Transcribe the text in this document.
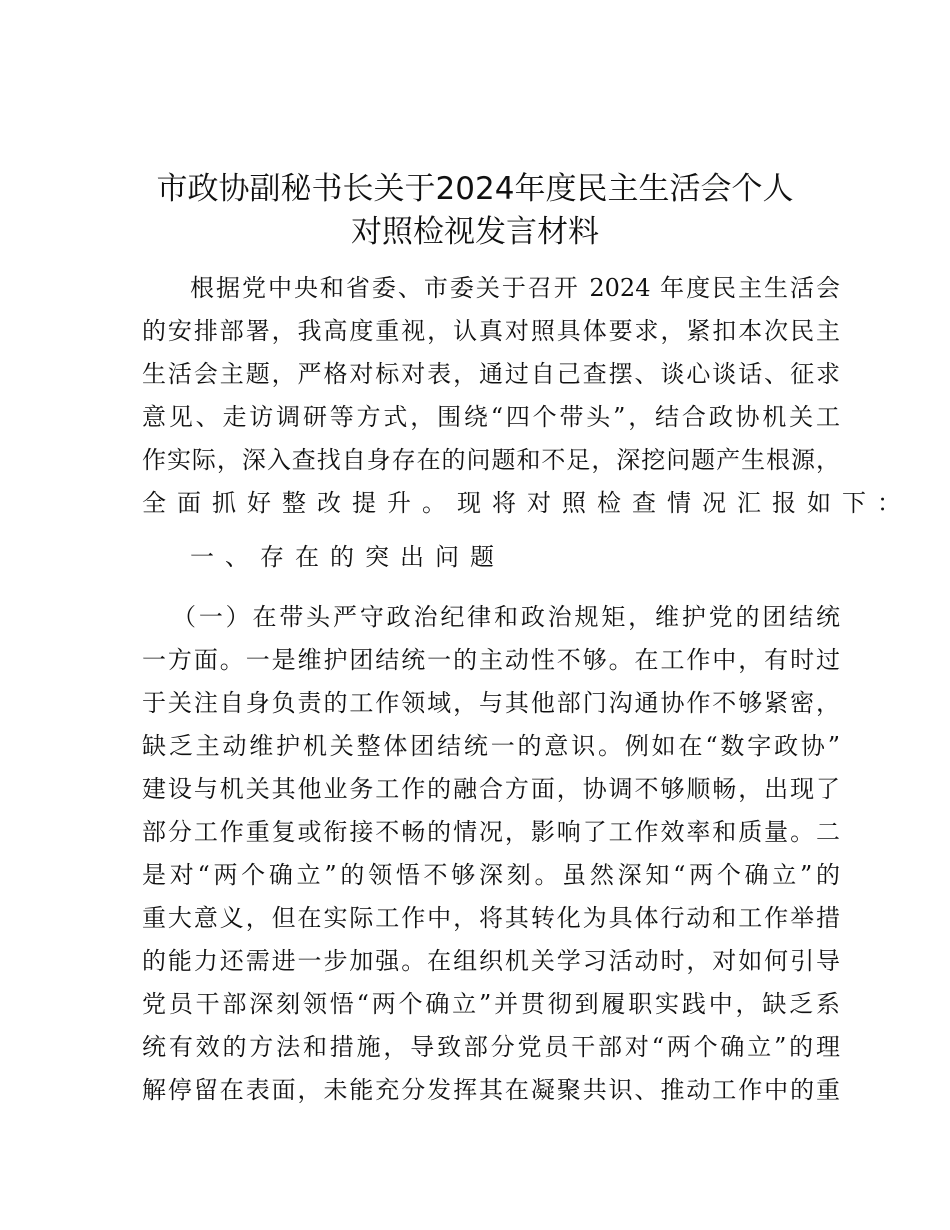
市政协副秘书长关于2024年度民主生活会个人
对照检视发言材料
根据党中央和省委、市委关于召开 2024 年度民主生活会
的安排部署，我高度重视，认真对照具体要求，紧扣本次民主
生活会主题，严格对标对表，通过自己查摆、谈心谈话、征求
意见、走访调研等方式，围绕“四个带头”，结合政协机关工
作实际，深入查找自身存在的问题和不足，深挖问题产生根源，
全面抓好整改提升。现将对照检查情况汇报如下：
一、存在的突出问题
（一）在带头严守政治纪律和政治规矩，维护党的团结统
一方面。一是维护团结统一的主动性不够。在工作中，有时过
于关注自身负责的工作领域，与其他部门沟通协作不够紧密，
缺乏主动维护机关整体团结统一的意识。例如在“数字政协”
建设与机关其他业务工作的融合方面，协调不够顺畅，出现了
部分工作重复或衔接不畅的情况，影响了工作效率和质量。二
是对“两个确立”的领悟不够深刻。虽然深知“两个确立”的
重大意义，但在实际工作中，将其转化为具体行动和工作举措
的能力还需进一步加强。在组织机关学习活动时，对如何引导
党员干部深刻领悟“两个确立”并贯彻到履职实践中，缺乏系
统有效的方法和措施，导致部分党员干部对“两个确立”的理
解停留在表面，未能充分发挥其在凝聚共识、推动工作中的重
